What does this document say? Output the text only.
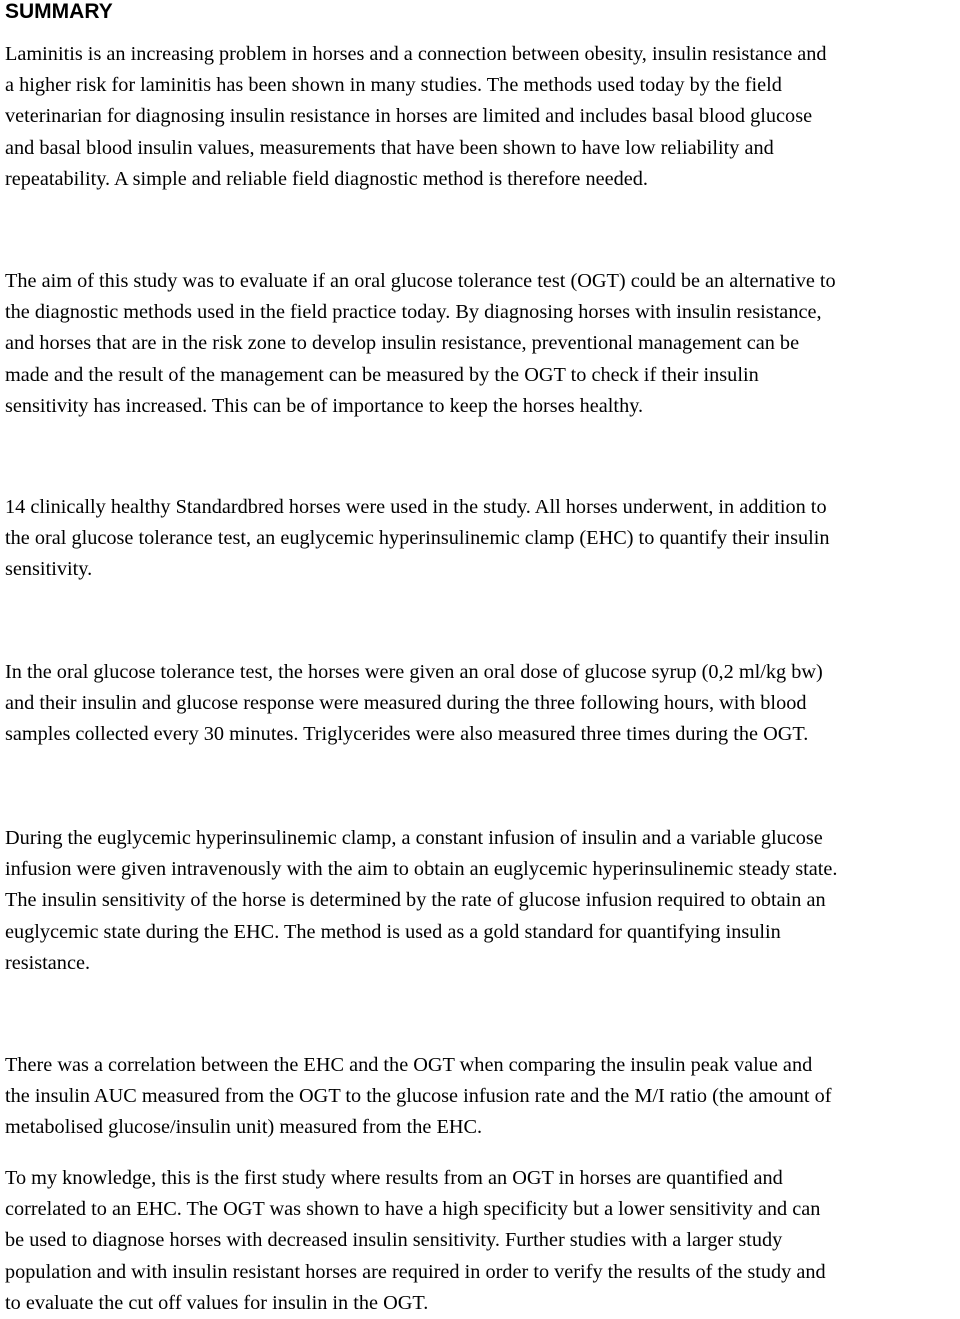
SUMMARY

Laminitis is an increasing problem in horses and a connection between obesity, insulin resistance and
a higher risk for laminitis has been shown in many studies. The methods used today by the field
veterinarian for diagnosing insulin resistance in horses are limited and includes basal blood glucose
and basal blood insulin values, measurements that have been shown to have low reliability and
repeatability. A simple and reliable field diagnostic method is therefore needed.

The aim of this study was to evaluate if an oral glucose tolerance test (OGT) could be an alternative to
the diagnostic methods used in the field practice today. By diagnosing horses with insulin resistance,
and horses that are in the risk zone to develop insulin resistance, preventional management can be
made and the result of the management can be measured by the OGT to check if their insulin
sensitivity has increased. This can be of importance to keep the horses healthy.

14 clinically healthy Standardbred horses were used in the study. All horses underwent, in addition to
the oral glucose tolerance test, an euglycemic hyperinsulinemic clamp (EHC) to quantify their insulin
sensitivity.

In the oral glucose tolerance test, the horses were given an oral dose of glucose syrup (0,2 ml/kg bw)
and their insulin and glucose response were measured during the three following hours, with blood
samples collected every 30 minutes. Triglycerides were also measured three times during the OGT.

During the euglycemic hyperinsulinemic clamp, a constant infusion of insulin and a variable glucose
infusion were given intravenously with the aim to obtain an euglycemic hyperinsulinemic steady state.
The insulin sensitivity of the horse is determined by the rate of glucose infusion required to obtain an
euglycemic state during the EHC. The method is used as a gold standard for quantifying insulin
resistance.

There was a correlation between the EHC and the OGT when comparing the insulin peak value and
the insulin AUC measured from the OGT to the glucose infusion rate and the M/I ratio (the amount of
metabolised glucose/insulin unit) measured from the EHC.

To my knowledge, this is the first study where results from an OGT in horses are quantified and
correlated to an EHC. The OGT was shown to have a high specificity but a lower sensitivity and can
be used to diagnose horses with decreased insulin sensitivity. Further studies with a larger study
population and with insulin resistant horses are required in order to verify the results of the study and
to evaluate the cut off values for insulin in the OGT.
